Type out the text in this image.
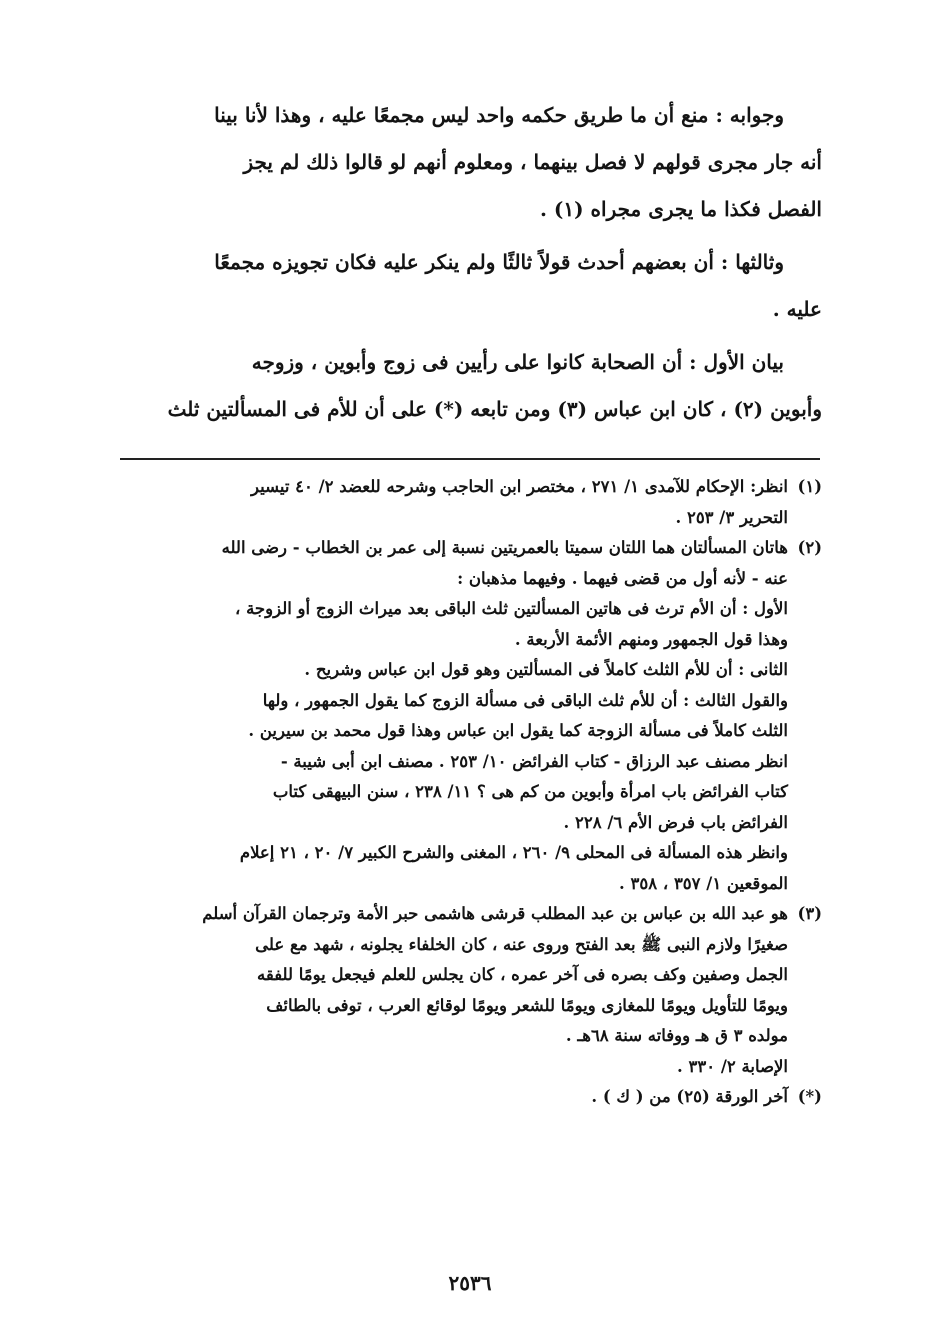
وجوابه : منع أن ما طريق حكمه واحد ليس مجمعًا عليه ، وهذا لأنا بينا
أنه جار مجرى قولهم لا فصل بينهما ، ومعلوم أنهم لو قالوا ذلك لم يجز
الفصل فكذا ما يجرى مجراه (١) .

وثالثها : أن بعضهم أحدث قولاً ثالثًا ولم ينكر عليه فكان تجويزه مجمعًا
عليه .

بيان الأول : أن الصحابة كانوا على رأيين فى زوج وأبوين ، وزوجه
وأبوين (٢) ، كان ابن عباس (٣) ومن تابعه (*) على أن للأم فى المسألتين ثلث

(١)
انظر: الإحكام للآمدى ١/ ٢٧١ ، مختصر ابن الحاجب وشرحه للعضد ٢/ ٤٠ تيسير
التحرير ٣/ ٢٥٣ .
(٢)
هاتان المسألتان هما اللتان سميتا بالعمريتين نسبة إلى عمر بن الخطاب - رضى الله
عنه - لأنه أول من قضى فيهما . وفيهما مذهبان :
الأول : أن الأم ترث فى هاتين المسألتين ثلث الباقى بعد ميراث الزوج أو الزوجة ،
وهذا قول الجمهور ومنهم الأئمة الأربعة .
الثانى : أن للأم الثلث كاملاً فى المسألتين وهو قول ابن عباس وشريح .
والقول الثالث : أن للأم ثلث الباقى فى مسألة الزوج كما يقول الجمهور ، ولها
الثلث كاملاً فى مسألة الزوجة كما يقول ابن عباس وهذا قول محمد بن سيرين .
انظر مصنف عبد الرزاق - كتاب الفرائض ١٠/ ٢٥٣ . مصنف ابن أبى شيبة -
كتاب الفرائض باب امرأة وأبوين من كم هى ؟ ١١/ ٢٣٨ ، سنن البيهقى كتاب
الفرائض باب فرض الأم ٦/ ٢٢٨ .
وانظر هذه المسألة فى المحلى ٩/ ٢٦٠ ، المغنى والشرح الكبير ٧/ ٢٠ ، ٢١ إعلام
الموقعين ١/ ٣٥٧ ، ٣٥٨ .
(٣)
هو عبد الله بن عباس بن عبد المطلب قرشى هاشمى حبر الأمة وترجمان القرآن أسلم
صغيرًا ولازم النبى ﷺ بعد الفتح وروى عنه ، كان الخلفاء يجلونه ، شهد مع على
الجمل وصفين وكف بصره فى آخر عمره ، كان يجلس للعلم فيجعل يومًا للفقه
ويومًا للتأويل ويومًا للمغازى ويومًا للشعر ويومًا لوقائع العرب ، توفى بالطائف
مولده ٣ ق هـ ووفاته سنة ٦٨هـ .
الإصابة ٢/ ٣٣٠ .
(*)
آخر الورقة (٢٥) من ( ك ) .
٢٥٣٦
